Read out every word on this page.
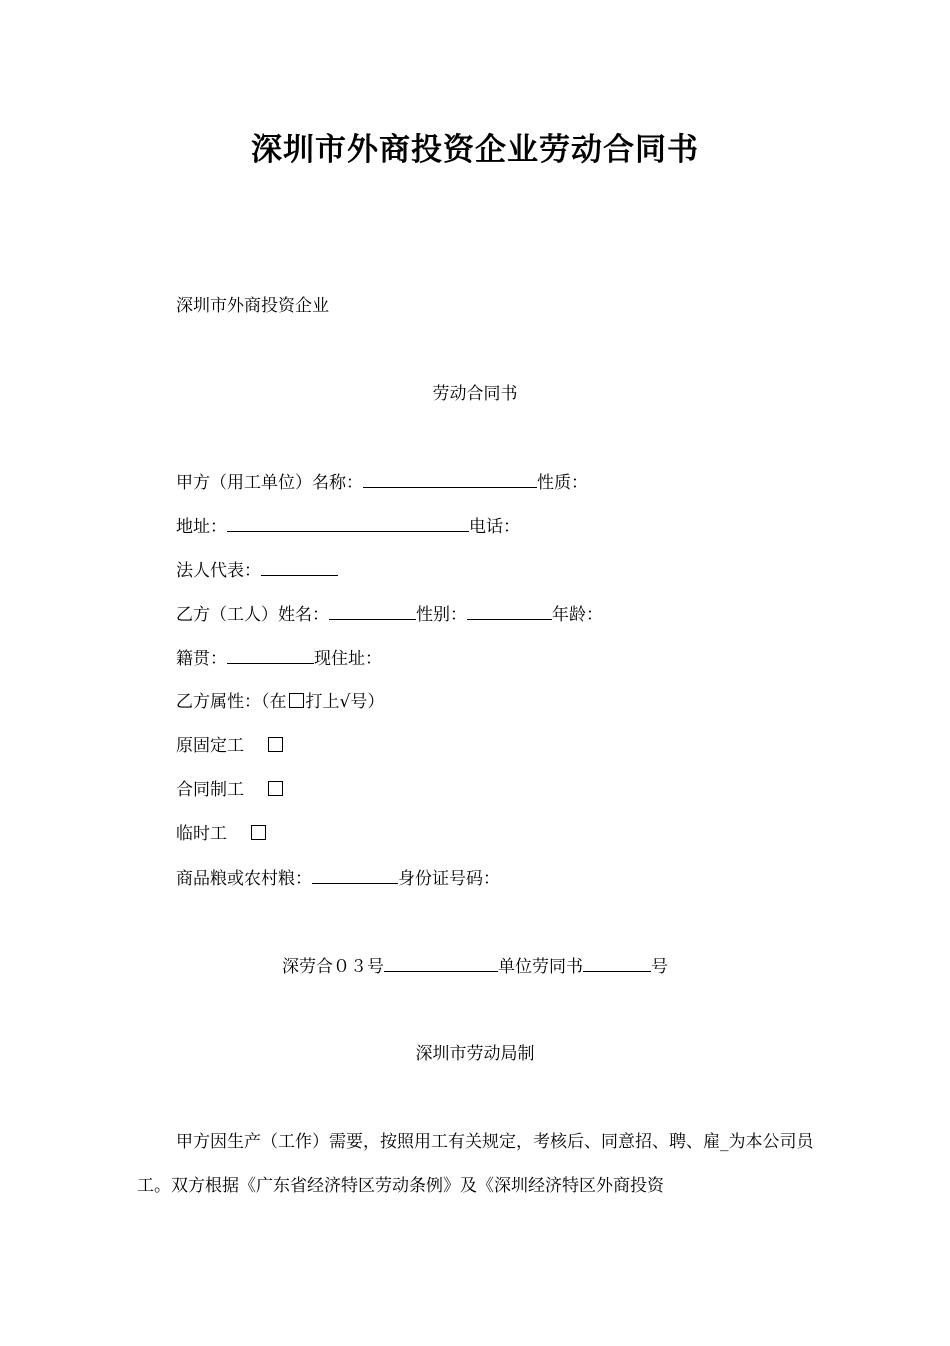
深圳市外商投资企业劳动合同书
深圳市外商投资企业
劳动合同书
甲方（用工单位）名称：	性质：
地址：	电话：
法人代表：
乙方（工人）姓名：	性别：	年龄：
籍贯：	现住址：
乙方属性：（在 打上√号）
原固定工
合同制工
临时工
商品粮或农村粮：	身份证号码：
深劳合０３号	单位劳同书	号
深圳市劳动局制

甲方因生产（工作）需要，按照用工有关规定，考核后、同意招、聘、雇_为本公司员工。双方根据《广东省经济特区劳动条例》及《深圳经济特区外商投资
